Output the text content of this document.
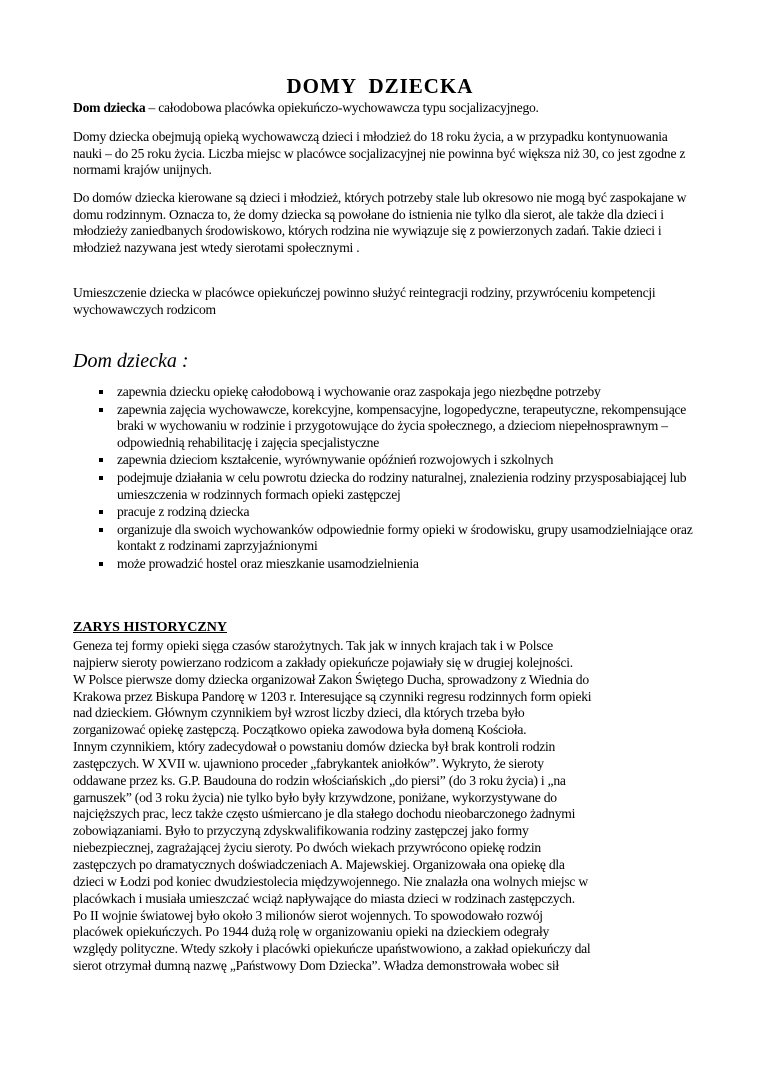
DOMY DZIECKA

Dom dziecka – całodobowa placówka opiekuńczo-wychowawcza typu socjalizacyjnego.

Domy dziecka obejmują opieką wychowawczą dzieci i młodzież do 18 roku życia, a w przypadku kontynuowania nauki – do 25 roku życia. Liczba miejsc w placówce socjalizacyjnej nie powinna być większa niż 30, co jest zgodne z normami krajów unijnych.

Do domów dziecka kierowane są dzieci i młodzież, których potrzeby stale lub okresowo nie mogą być zaspokajane w domu rodzinnym. Oznacza to, że domy dziecka są powołane do istnienia nie tylko dla sierot, ale także dla dzieci i młodzieży zaniedbanych środowiskowo, których rodzina nie wywiązuje się z powierzonych zadań. Takie dzieci i młodzież nazywana jest wtedy sierotami społecznymi .

Umieszczenie dziecka w placówce opiekuńczej powinno służyć reintegracji rodziny, przywróceniu kompetencji wychowawczych rodzicom

Dom dziecka :
zapewnia dziecku opiekę całodobową i wychowanie oraz zaspokaja jego niezbędne potrzeby
zapewnia zajęcia wychowawcze, korekcyjne, kompensacyjne, logopedyczne, terapeutyczne, rekompensujące braki w wychowaniu w rodzinie i przygotowujące do życia społecznego, a dzieciom niepełnosprawnym – odpowiednią rehabilitację i zajęcia specjalistyczne
zapewnia dzieciom kształcenie, wyrównywanie opóźnień rozwojowych i szkolnych
podejmuje działania w celu powrotu dziecka do rodziny naturalnej, znalezienia rodziny przysposabiającej lub umieszczenia w rodzinnych formach opieki zastępczej
pracuje z rodziną dziecka
organizuje dla swoich wychowanków odpowiednie formy opieki w środowisku, grupy usamodzielniające oraz kontakt z rodzinami zaprzyjaźnionymi
może prowadzić hostel oraz mieszkanie usamodzielnienia
ZARYS HISTORYCZNY

Geneza tej formy opieki sięga czasów starożytnych. Tak jak w innych krajach tak i w Polsce
najpierw sieroty powierzano rodzicom a zakłady opiekuńcze pojawiały się w drugiej kolejności.
W Polsce pierwsze domy dziecka organizował Zakon Świętego Ducha, sprowadzony z Wiednia do
Krakowa przez Biskupa Pandorę w 1203 r. Interesujące są czynniki regresu rodzinnych form opieki
nad dzieckiem. Głównym czynnikiem był wzrost liczby dzieci, dla których trzeba było
zorganizować opiekę zastępczą. Początkowo opieka zawodowa była domeną Kościoła.
Innym czynnikiem, który zadecydował o powstaniu domów dziecka był brak kontroli rodzin
zastępczych. W XVII w. ujawniono proceder „fabrykantek aniołków”. Wykryto, że sieroty
oddawane przez ks. G.P. Baudouna do rodzin włościańskich „do piersi” (do 3 roku życia) i „na
garnuszek” (od 3 roku życia) nie tylko było były krzywdzone, poniżane, wykorzystywane do
najcięższych prac, lecz także często uśmiercano je dla stałego dochodu nieobarczonego żadnymi
zobowiązaniami. Było to przyczyną zdyskwalifikowania rodziny zastępczej jako formy
niebezpiecznej, zagrażającej życiu sieroty. Po dwóch wiekach przywrócono opiekę rodzin
zastępczych po dramatycznych doświadczeniach A. Majewskiej. Organizowała ona opiekę dla
dzieci w Łodzi pod koniec dwudziestolecia międzywojennego. Nie znalazła ona wolnych miejsc w
placówkach i musiała umieszczać wciąż napływające do miasta dzieci w rodzinach zastępczych.
Po II wojnie światowej było około 3 milionów sierot wojennych. To spowodowało rozwój
placówek opiekuńczych. Po 1944 dużą rolę w organizowaniu opieki na dzieckiem odegrały
względy polityczne. Wtedy szkoły i placówki opiekuńcze upaństwowiono, a zakład opiekuńczy dal
sierot otrzymał dumną nazwę „Państwowy Dom Dziecka”. Władza demonstrowała wobec sił
